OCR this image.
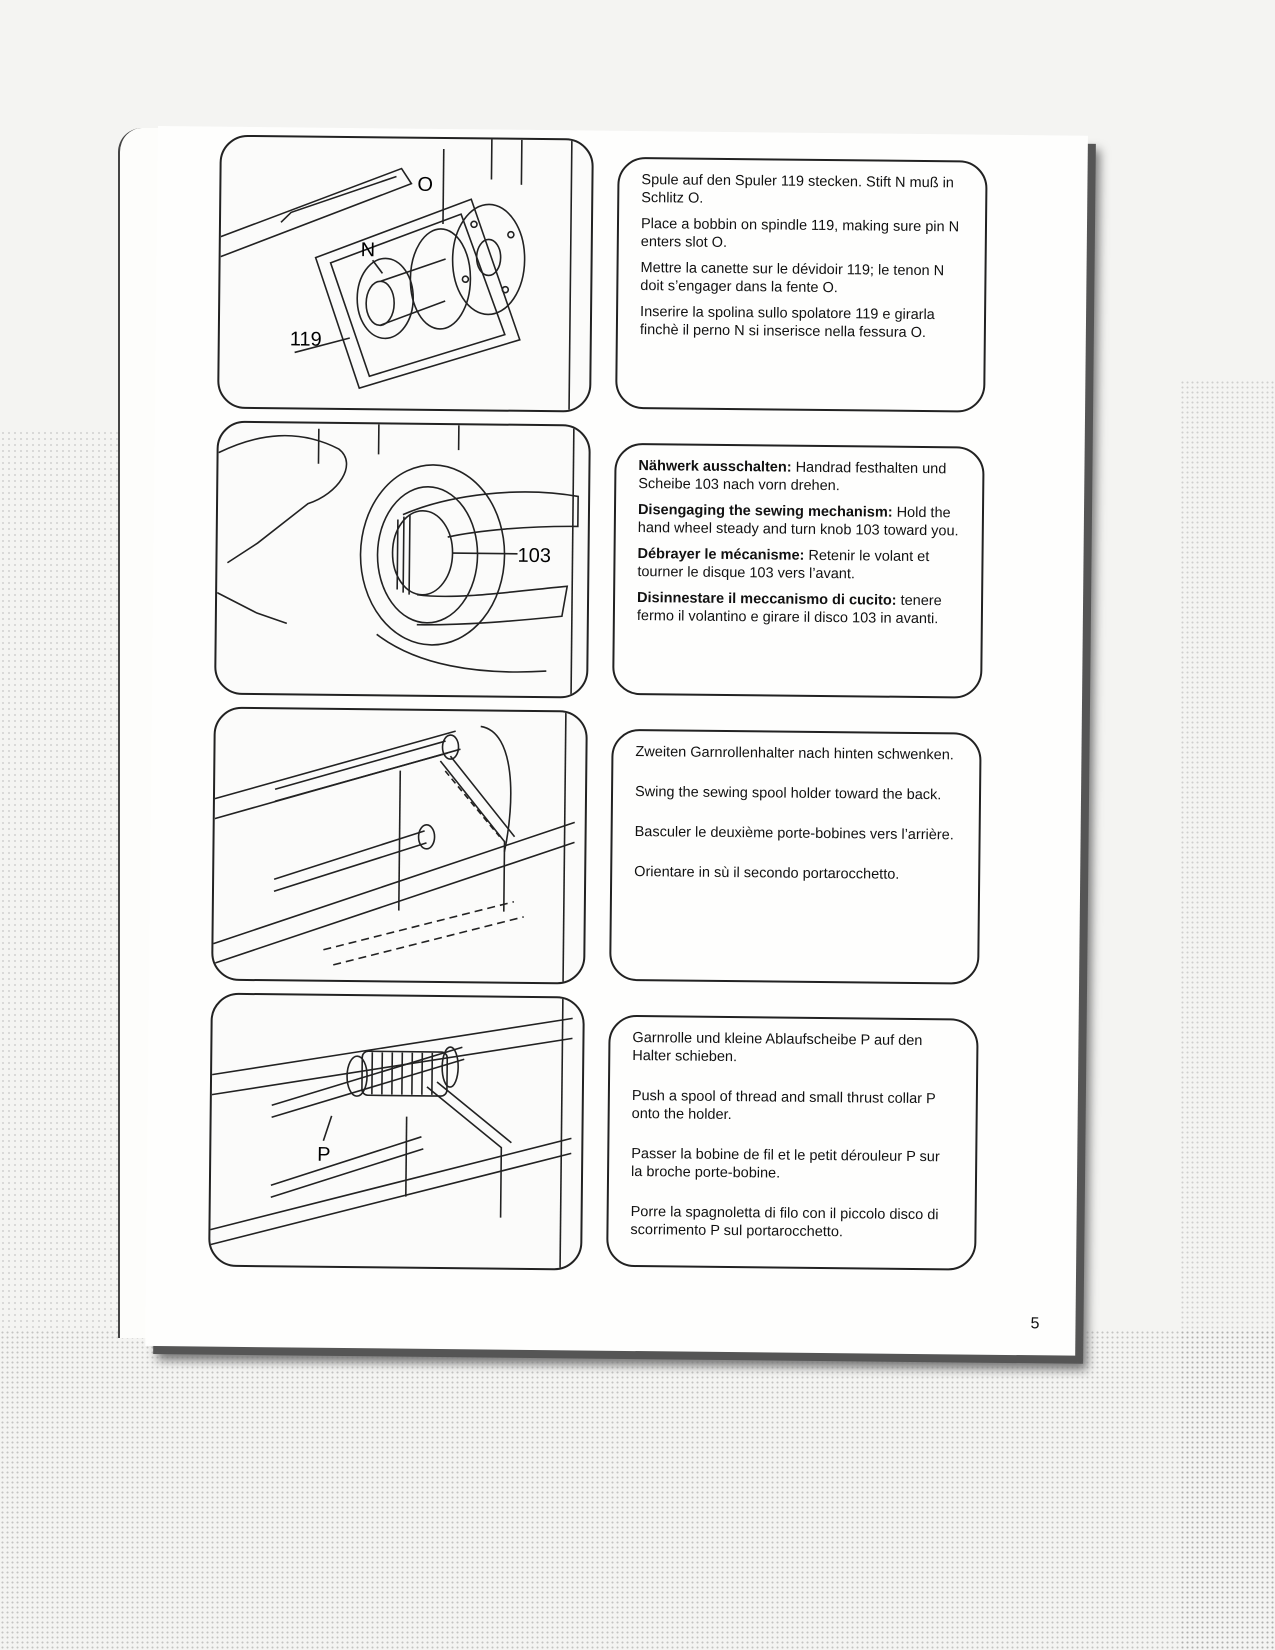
O
N
119

Spule auf den Spuler 119 stecken. Stift N muß in Schlitz O.

Place a bobbin on spindle 119, making sure pin N enters slot O.

Mettre la canette sur le dévidoir 119; le tenon N doit s’engager dans la fente O.

Inserire la spolina sullo spolatore 119 e girarla finchè il perno N si inserisce nella fessura O.

103

Nähwerk ausschalten: Handrad festhalten und Scheibe 103 nach vorn drehen.

Disengaging the sewing mechanism: Hold the hand wheel steady and turn knob 103 toward you.

Débrayer le mécanisme: Retenir le volant et tourner le disque 103 vers l’avant.

Disinnestare il meccanismo di cucito: tenere fermo il volantino e girare il disco 103 in avanti.

Zweiten Garnrollenhalter nach hinten schwenken.

Swing the sewing spool holder toward the back.

Basculer le deuxième porte-bobines vers l’arrière.

Orientare in sù il secondo portarocchetto.

P

Garnrolle und kleine Ablaufscheibe P auf den Halter schieben.

Push a spool of thread and small thrust collar P onto the holder.

Passer la bobine de fil et le petit dérouleur P sur la broche porte-bobine.

Porre la spagnoletta di filo con il piccolo disco di scorrimento P sul portarocchetto.

5
